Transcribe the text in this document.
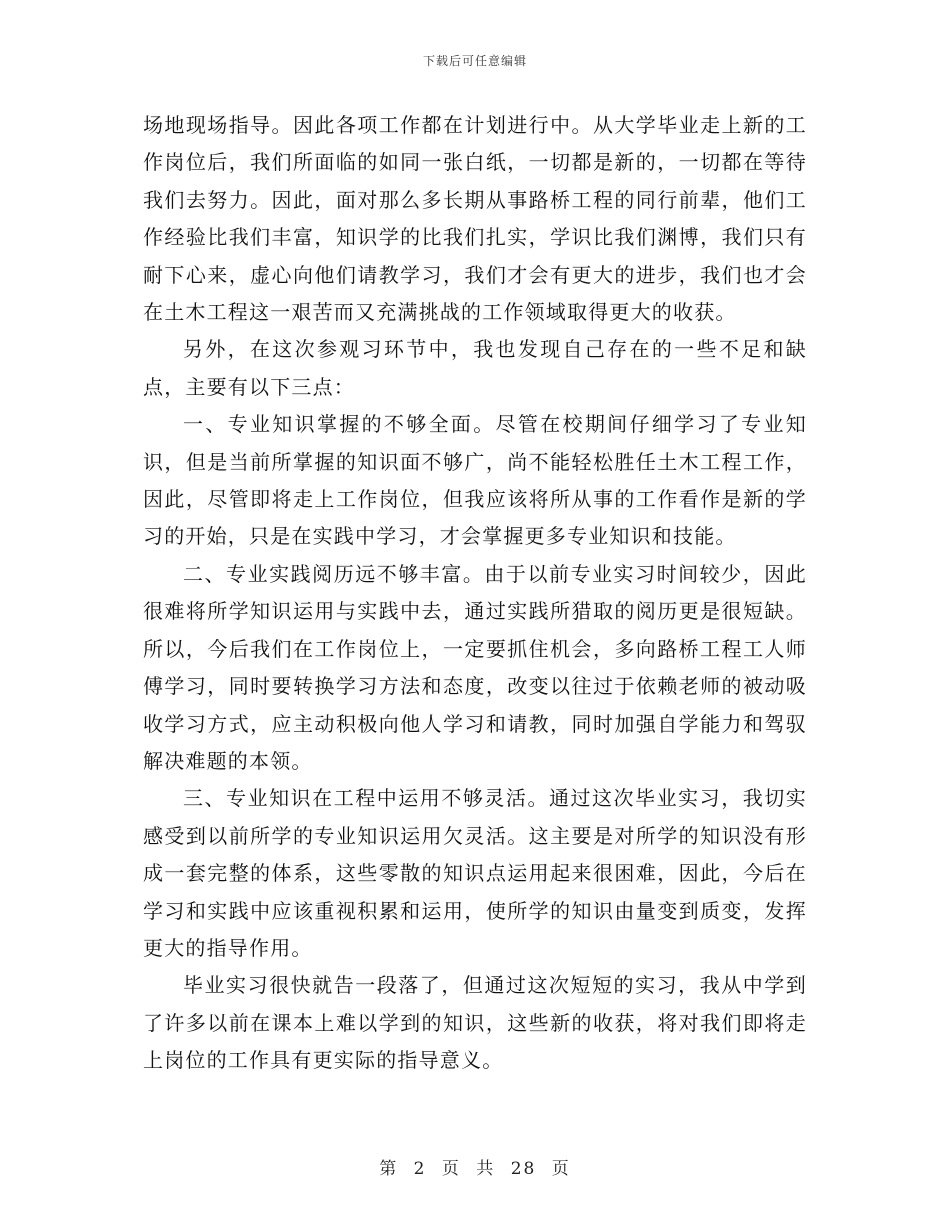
下载后可任意编辑

场地现场指导。因此各项工作都在计划进行中。从大学毕业走上新的工作岗位后，我们所面临的如同一张白纸，一切都是新的，一切都在等待我们去努力。因此，面对那么多长期从事路桥工程的同行前辈，他们工作经验比我们丰富，知识学的比我们扎实，学识比我们渊博，我们只有耐下心来，虚心向他们请教学习，我们才会有更大的进步，我们也才会在土木工程这一艰苦而又充满挑战的工作领域取得更大的收获。

另外，在这次参观习环节中，我也发现自己存在的一些不足和缺点，主要有以下三点：

一、专业知识掌握的不够全面。尽管在校期间仔细学习了专业知识，但是当前所掌握的知识面不够广，尚不能轻松胜任土木工程工作，因此，尽管即将走上工作岗位，但我应该将所从事的工作看作是新的学习的开始，只是在实践中学习，才会掌握更多专业知识和技能。

二、专业实践阅历远不够丰富。由于以前专业实习时间较少，因此很难将所学知识运用与实践中去，通过实践所猎取的阅历更是很短缺。所以，今后我们在工作岗位上，一定要抓住机会，多向路桥工程工人师傅学习，同时要转换学习方法和态度，改变以往过于依赖老师的被动吸收学习方式，应主动积极向他人学习和请教，同时加强自学能力和驾驭解决难题的本领。

三、专业知识在工程中运用不够灵活。通过这次毕业实习，我切实感受到以前所学的专业知识运用欠灵活。这主要是对所学的知识没有形成一套完整的体系，这些零散的知识点运用起来很困难，因此，今后在学习和实践中应该重视积累和运用，使所学的知识由量变到质变，发挥更大的指导作用。

毕业实习很快就告一段落了，但通过这次短短的实习，我从中学到了许多以前在课本上难以学到的知识，这些新的收获，将对我们即将走上岗位的工作具有更实际的指导意义。

第 2 页 共 28 页
